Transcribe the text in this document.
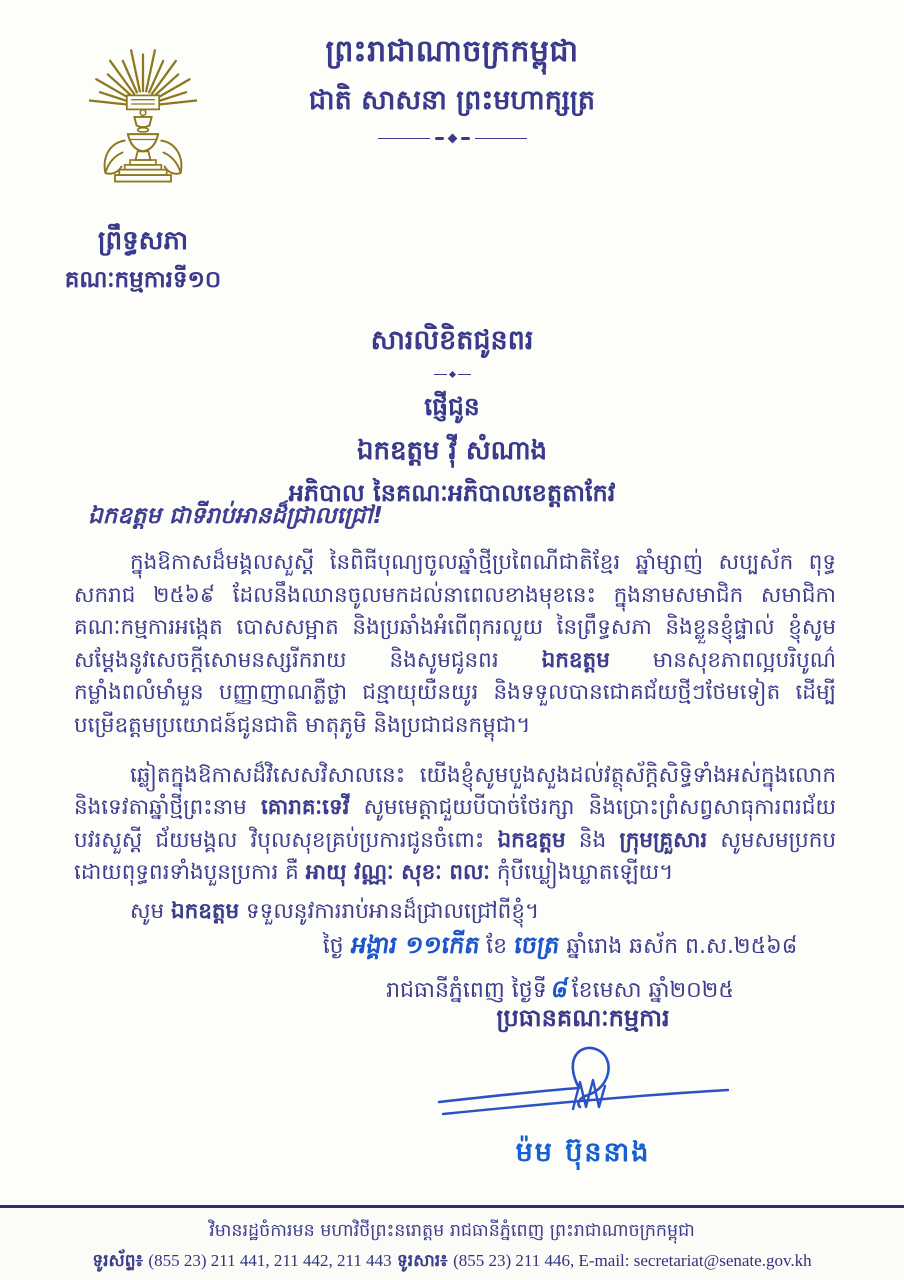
ព្រឹទ្ធសភា
គណៈកម្មការទី១០
ព្រះរាជាណាចក្រកម្ពុជា
ជាតិ សាសនា ព្រះមហាក្សត្រ
សារលិខិតជូនពរ
ផ្ញើជូន
ឯកឧត្តម វ៉ី សំណាង
អភិបាល នៃគណៈអភិបាលខេត្តតាកែវ
ឯកឧត្តម ជាទីរាប់អានដ៏ជ្រាលជ្រៅ!

ក្នុងឱកាសដ៏មង្គលសួស្ដី នៃពិធីបុណ្យចូលឆ្នាំថ្មីប្រពៃណីជាតិខ្មែរ ឆ្នាំម្សាញ់ សប្បស័ក ពុទ្ធសករាជ ២៥៦៩ ដែលនឹងឈានចូលមកដល់នាពេលខាងមុខនេះ ក្នុងនាមសមាជិក សមាជិកាគណៈកម្មការអង្កេត បោសសម្អាត និងប្រឆាំងអំពើពុករលួយ នៃព្រឹទ្ធសភា និងខ្លួនខ្ញុំផ្ទាល់ ខ្ញុំសូមសម្ដែងនូវសេចក្ដីសោមនស្សរីករាយ និងសូមជូនពរ ឯកឧត្តម មានសុខភាពល្អបរិបូណ៌ កម្លាំងពលំមាំមួន បញ្ញាញាណភ្លឺថ្លា ជន្មាយុយឺនយូរ និងទទួលបានជោគជ័យថ្មីៗថែមទៀត ដើម្បីបម្រើឧត្តមប្រយោជន៍ជូនជាតិ មាតុភូមិ និងប្រជាជនកម្ពុជា។

ឆ្លៀតក្នុងឱកាសដ៏វិសេសវិសាលនេះ យើងខ្ញុំសូមបួងសួងដល់វត្ថុស័ក្ដិសិទ្ធិទាំងអស់ក្នុងលោក និងទេវតាឆ្នាំថ្មីព្រះនាម គោរាគៈទេវី សូមមេត្តាជួយបីបាច់ថែរក្សា និងប្រោះព្រំសព្វសាធុការពរជ័យ បវរសួស្ដី ជ័យមង្គល វិបុលសុខគ្រប់ប្រការជូនចំពោះ ឯកឧត្តម និង ក្រុមគ្រួសារ សូមសមប្រកបដោយពុទ្ធពរទាំងបួនប្រការ គឺ អាយុ វណ្ណៈ សុខៈ ពលៈ កុំបីឃ្លៀងឃ្លាតឡើយ។

សូម ឯកឧត្តម ទទួលនូវការរាប់អានដ៏ជ្រាលជ្រៅពីខ្ញុំ។

ថ្ងៃ អង្គារ ១១កើត ខែ ចេត្រ ឆ្នាំរោង ឆស័ក ព.ស.២៥៦៨
រាជធានីភ្នំពេញ ថ្ងៃទី៨ខែមេសា ឆ្នាំ២០២៥
ប្រធានគណៈកម្មការ
ម៉ម ប៊ុននាង
វិមានរដ្ឋចំការមន មហាវិថីព្រះនរោត្តម រាជធានីភ្នំពេញ ព្រះរាជាណាចក្រកម្ពុជា
ទូរស័ព្ទ៖ (855 23) 211 441, 211 442, 211 443 ទូរសារ៖ (855 23) 211 446, E-mail: secretariat@senate.gov.kh
